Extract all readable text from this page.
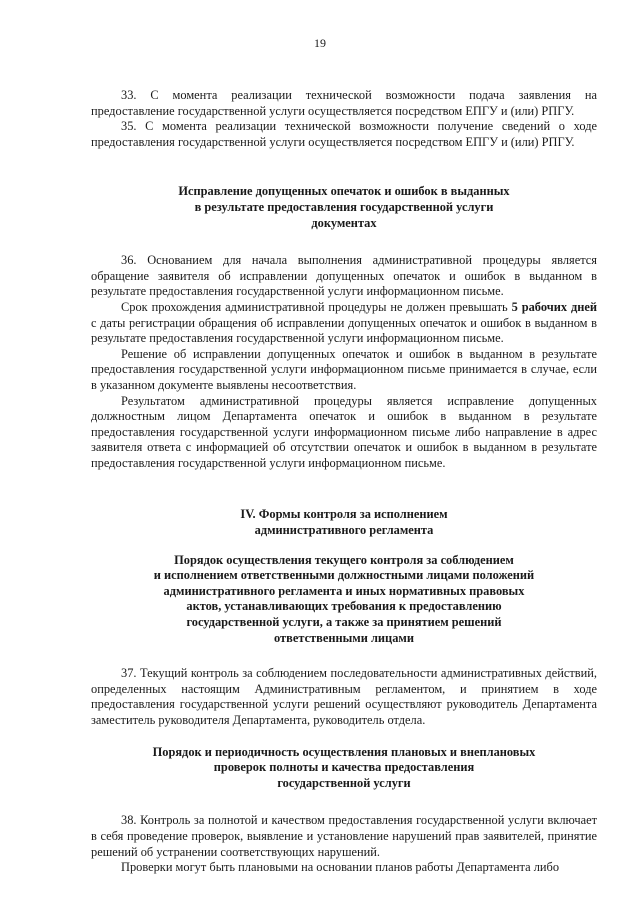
19

33. С момента реализации технической возможности подача заявления на предоставление государственной услуги осуществляется посредством ЕПГУ и (или) РПГУ.

35. С момента реализации технической возможности получение сведений о ходе предоставления государственной услуги осуществляется посредством ЕПГУ и (или) РПГУ.

Исправление допущенных опечаток и ошибок в выданных
в результате предоставления государственной услуги
документах

36. Основанием для начала выполнения административной процедуры является обращение заявителя об исправлении допущенных опечаток и ошибок в выданном в результате предоставления государственной услуги информационном письме.

Срок прохождения административной процедуры не должен превышать 5 рабочих дней с даты регистрации обращения об исправлении допущенных опечаток и ошибок в выданном в результате предоставления государственной услуги информационном письме.

Решение об исправлении допущенных опечаток и ошибок в выданном в результате предоставления государственной услуги информационном письме принимается в случае, если в указанном документе выявлены несоответствия.

Результатом административной процедуры является исправление допущенных должностным лицом Департамента опечаток и ошибок в выданном в результате предоставления государственной услуги информационном письме либо направление в адрес заявителя ответа с информацией об отсутствии опечаток и ошибок в выданном в результате предоставления государственной услуги информационном письме.

IV. Формы контроля за исполнением
административного регламента
Порядок осуществления текущего контроля за соблюдением
и исполнением ответственными должностными лицами положений
административного регламента и иных нормативных правовых
актов, устанавливающих требования к предоставлению
государственной услуги, а также за принятием решений
ответственными лицами

37. Текущий контроль за соблюдением последовательности административных действий, определенных настоящим Административным регламентом, и принятием в ходе предоставления государственной услуги решений осуществляют руководитель Департамента заместитель руководителя Департамента, руководитель отдела.

Порядок и периодичность осуществления плановых и внеплановых
проверок полноты и качества предоставления
государственной услуги

38. Контроль за полнотой и качеством предоставления государственной услуги включает в себя проведение проверок, выявление и установление нарушений прав заявителей, принятие решений об устранении соответствующих нарушений.

Проверки могут быть плановыми на основании планов работы Департамента либо
